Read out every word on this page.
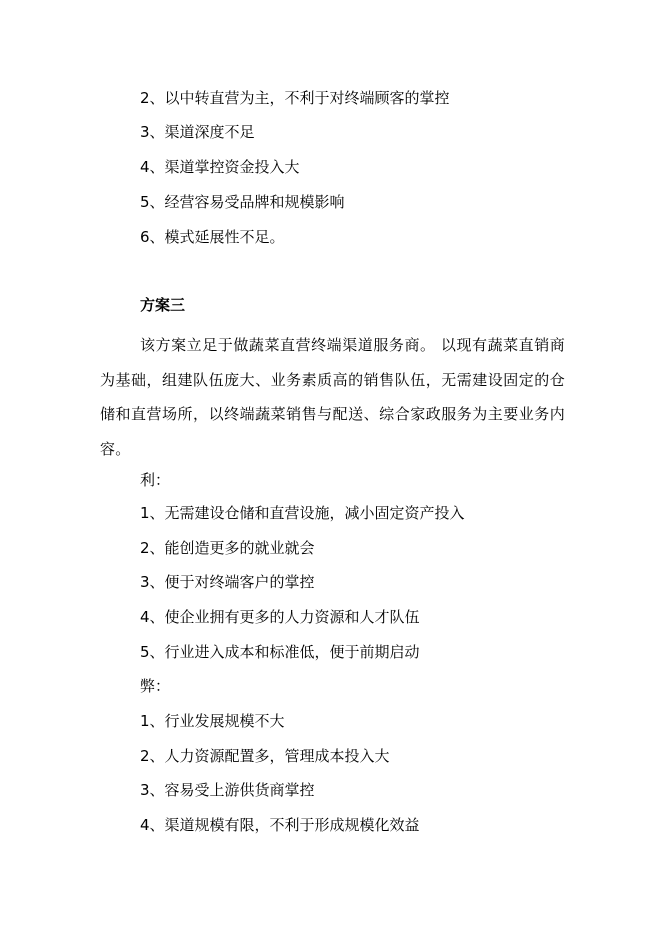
2、以中转直营为主，不利于对终端顾客的掌控
3、渠道深度不足
4、渠道掌控资金投入大
5、经营容易受品牌和规模影响
6、模式延展性不足。
方案三
该方案立足于做蔬菜直营终端渠道服务商。 以现有蔬菜直销商为基础，组建队伍庞大、业务素质高的销售队伍，无需建设固定的仓储和直营场所，以终端蔬菜销售与配送、综合家政服务为主要业务内容。
利：
1、无需建设仓储和直营设施，减小固定资产投入
2、能创造更多的就业就会
3、便于对终端客户的掌控
4、使企业拥有更多的人力资源和人才队伍
5、行业进入成本和标准低，便于前期启动
弊：
1、行业发展规模不大
2、人力资源配置多，管理成本投入大
3、容易受上游供货商掌控
4、渠道规模有限，不利于形成规模化效益
